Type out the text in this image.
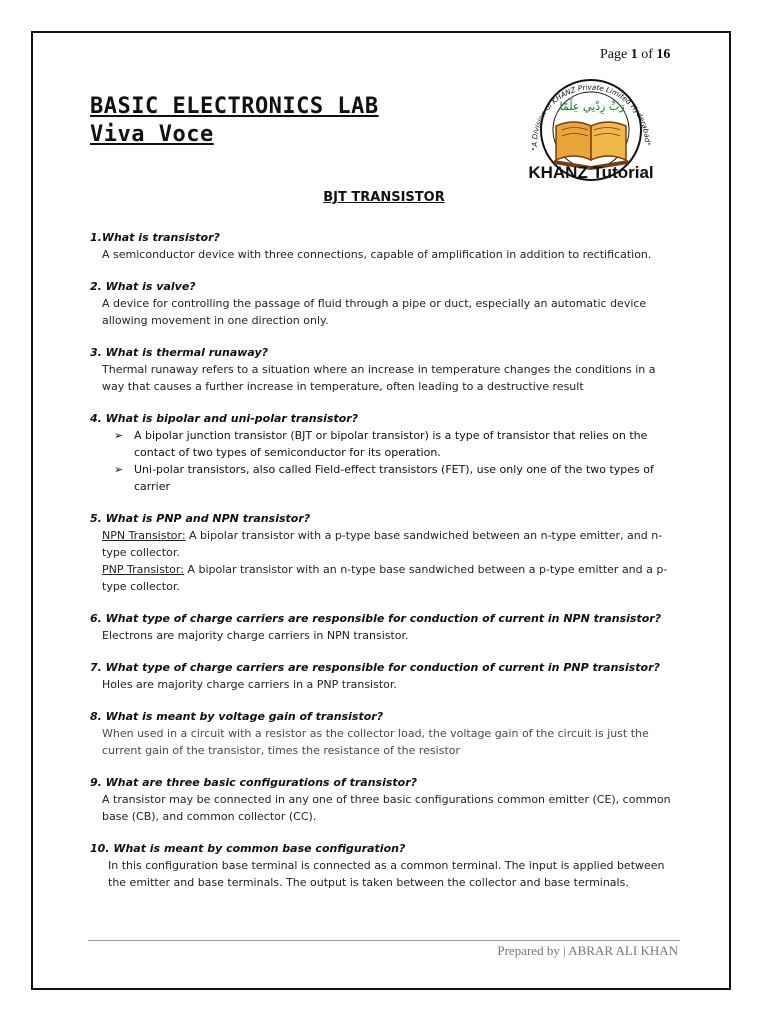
Page 1 of 16
BASIC ELECTRONICS LAB
Viva Voce
"A Division of KHANZ Private Limited Hyderabad"
رَبِّ زِدْنِي عِلْمًا
KHANZ Tutorial
BJT TRANSISTOR

1.What is transistor?

A semiconductor device with three connections, capable of amplification in addition to rectification.

2. What is valve?

A device for controlling the passage of fluid through a pipe or duct, especially an automatic device allowing movement in one direction only.

3. What is thermal runaway?

Thermal runaway refers to a situation where an increase in temperature changes the conditions in a way that causes a further increase in temperature, often leading to a destructive result

4. What is bipolar and uni-polar transistor?

➢ A bipolar junction transistor (BJT or bipolar transistor) is a type of transistor that relies on the contact of two types of semiconductor for its operation.
➢ Uni-polar transistors, also called Field-effect transistors (FET), use only one of the two types of carrier

5. What is PNP and NPN transistor?

NPN Transistor: A bipolar transistor with a p-type base sandwiched between an n-type emitter, and n-type collector.

PNP Transistor: A bipolar transistor with an n-type base sandwiched between a p-type emitter and a p-type collector.

6. What type of charge carriers are responsible for conduction of current in NPN transistor?

Electrons are majority charge carriers in NPN transistor.

7. What type of charge carriers are responsible for conduction of current in PNP transistor?

Holes are majority charge carriers in a PNP transistor.

8. What is meant by voltage gain of transistor?

When used in a circuit with a resistor as the collector load, the voltage gain of the circuit is just the current gain of the transistor, times the resistance of the resistor

9. What are three basic configurations of transistor?

A transistor may be connected in any one of three basic configurations common emitter (CE), common base (CB), and common collector (CC).

10. What is meant by common base configuration?

In this configuration base terminal is connected as a common terminal. The input is applied between the emitter and base terminals. The output is taken between the collector and base terminals.

Prepared by | ABRAR ALI KHAN
